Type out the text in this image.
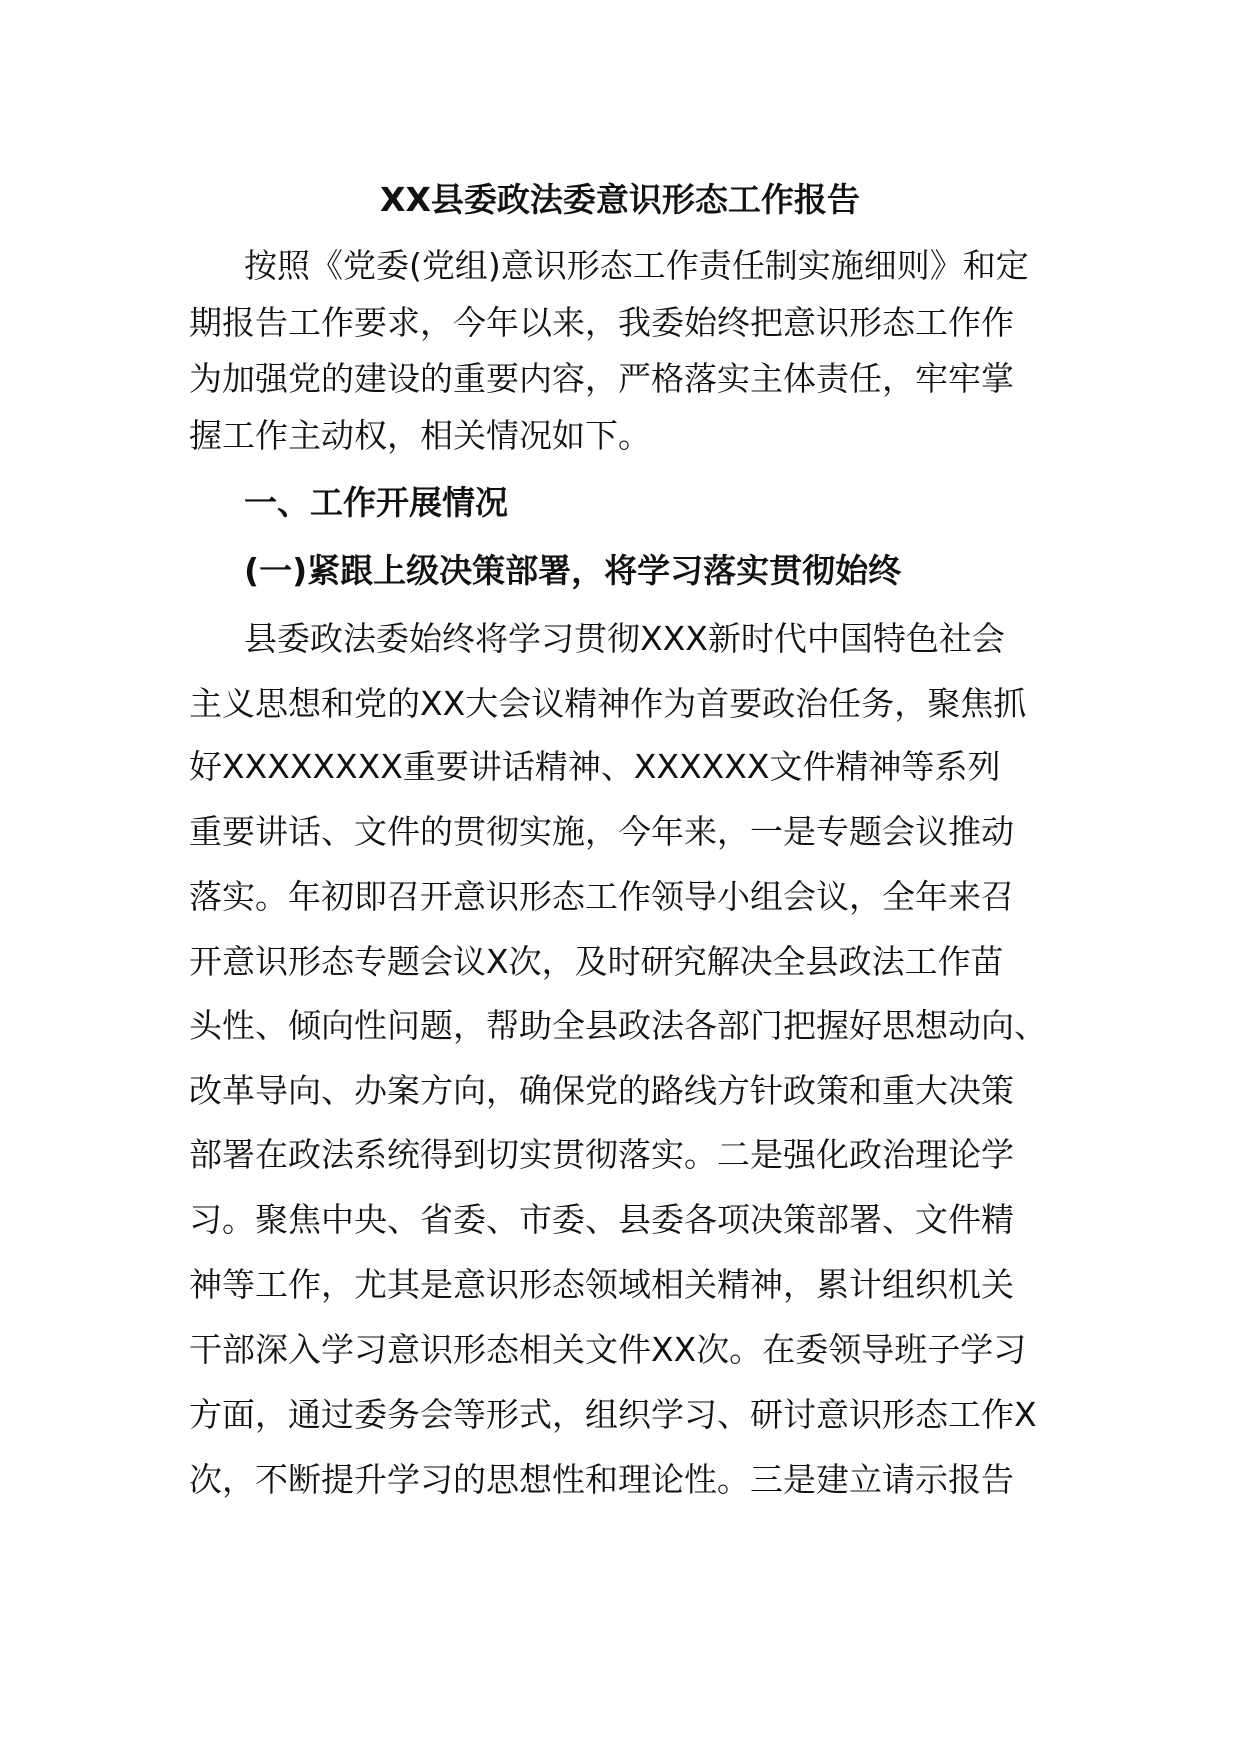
XX县委政法委意识形态工作报告

按照《党委(党组)意识形态工作责任制实施细则》和定

期报告工作要求，今年以来，我委始终把意识形态工作作

为加强党的建设的重要内容，严格落实主体责任，牢牢掌

握工作主动权，相关情况如下。

一、工作开展情况

(一)紧跟上级决策部署，将学习落实贯彻始终

县委政法委始终将学习贯彻XXX新时代中国特色社会

主义思想和党的XX大会议精神作为首要政治任务，聚焦抓

好XXXXXXXX重要讲话精神、XXXXXX文件精神等系列

重要讲话、文件的贯彻实施，今年来，一是专题会议推动

落实。年初即召开意识形态工作领导小组会议，全年来召

开意识形态专题会议X次，及时研究解决全县政法工作苗

头性、倾向性问题，帮助全县政法各部门把握好思想动向、

改革导向、办案方向，确保党的路线方针政策和重大决策

部署在政法系统得到切实贯彻落实。二是强化政治理论学

习。聚焦中央、省委、市委、县委各项决策部署、文件精

神等工作，尤其是意识形态领域相关精神，累计组织机关

干部深入学习意识形态相关文件XX次。在委领导班子学习

方面，通过委务会等形式，组织学习、研讨意识形态工作X

次，不断提升学习的思想性和理论性。三是建立请示报告
